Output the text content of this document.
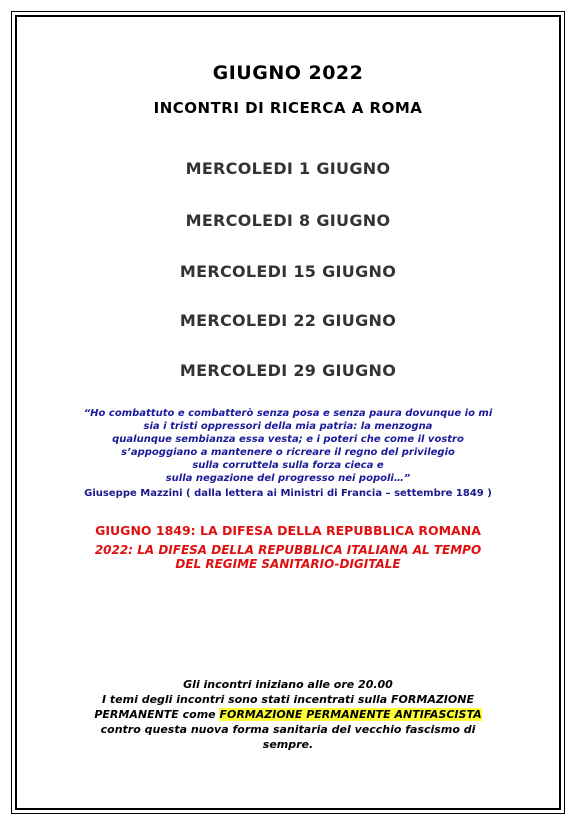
GIUGNO 2022
INCONTRI DI RICERCA A ROMA
MERCOLEDI 1 GIUGNO
MERCOLEDI 8 GIUGNO
MERCOLEDI 15 GIUGNO
MERCOLEDI 22 GIUGNO
MERCOLEDI 29 GIUGNO
“Ho combattuto e combatterò senza posa e senza paura dovunque io mi
sia i tristi oppressori della mia patria: la menzogna
qualunque sembianza essa vesta; e i poteri che come il vostro
s’appoggiano a mantenere o ricreare il regno del privilegio
sulla corruttela sulla forza cieca e
sulla negazione del progresso nei popoli…”
Giuseppe Mazzini ( dalla lettera ai Ministri di Francia – settembre 1849 )
GIUGNO 1849: LA DIFESA DELLA REPUBBLICA ROMANA
2022: LA DIFESA DELLA REPUBBLICA ITALIANA AL TEMPO
DEL REGIME SANITARIO-DIGITALE
Gli incontri iniziano alle ore 20.00
I temi degli incontri sono stati incentrati sulla FORMAZIONE
PERMANENTE come FORMAZIONE PERMANENTE ANTIFASCISTA
contro questa nuova forma sanitaria del vecchio fascismo di
sempre.
